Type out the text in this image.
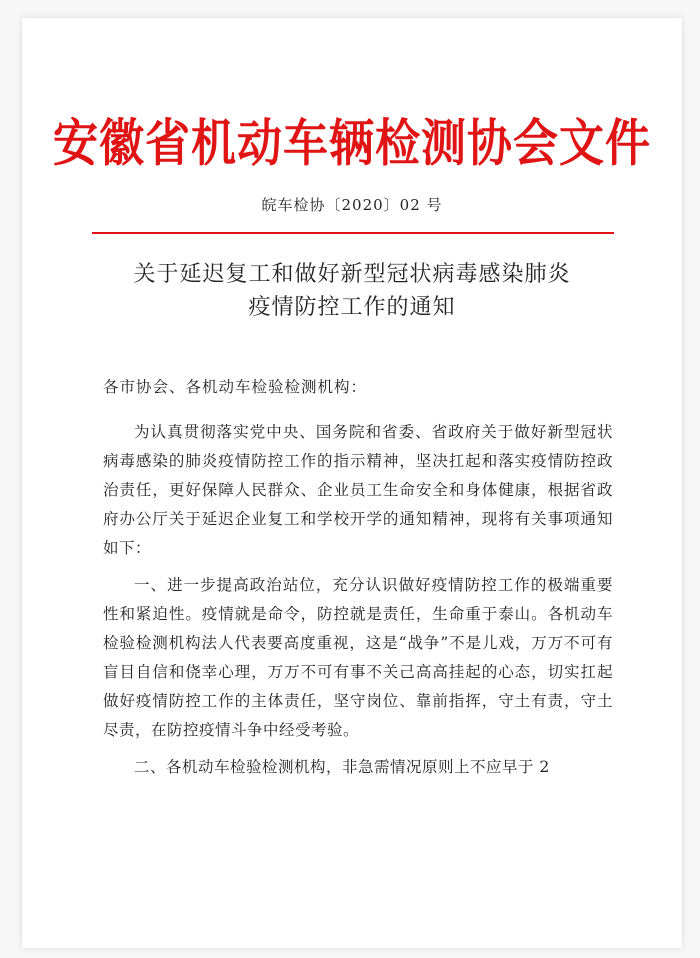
安徽省机动车辆检测协会文件
皖车检协〔2020〕02 号
关于延迟复工和做好新型冠状病毒感染肺炎
疫情防控工作的通知
各市协会、各机动车检验检测机构：

为认真贯彻落实党中央、国务院和省委、省政府关于做好新型冠状病毒感染的肺炎疫情防控工作的指示精神，坚决扛起和落实疫情防控政治责任，更好保障人民群众、企业员工生命安全和身体健康，根据省政府办公厅关于延迟企业复工和学校开学的通知精神，现将有关事项通知如下：

一、进一步提高政治站位，充分认识做好疫情防控工作的极端重要性和紧迫性。疫情就是命令，防控就是责任，生命重于泰山。各机动车检验检测机构法人代表要高度重视，这是“战争”不是儿戏，万万不可有盲目自信和侥幸心理，万万不可有事不关己高高挂起的心态，切实扛起做好疫情防控工作的主体责任，坚守岗位、靠前指挥，守土有责，守土尽责，在防控疫情斗争中经受考验。

二、各机动车检验检测机构，非急需情况原则上不应早于 2
